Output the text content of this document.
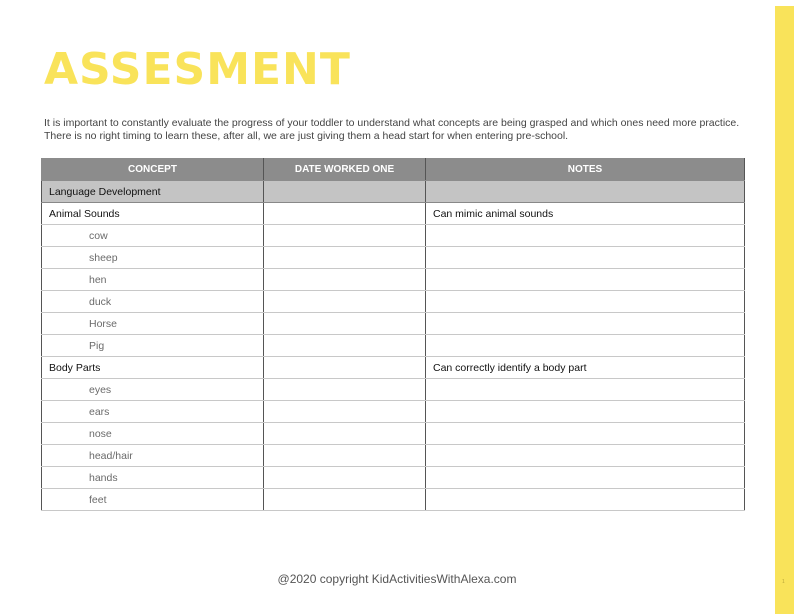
1
ASSESMENT

It is important to constantly evaluate the progress of your toddler to understand what concepts are being grasped and which ones need more practice.
There is no right timing to learn these, after all, we are just giving them a head start for when entering pre-school.

CONCEPT	DATE WORKED ONE	NOTES
Language Development		
Animal Sounds		Can mimic animal sounds
cow		
sheep		
hen		
duck		
Horse		
Pig		
Body Parts		Can correctly identify a body part
eyes		
ears		
nose		
head/hair		
hands		
feet		
@2020 copyright KidActivitiesWithAlexa.com
